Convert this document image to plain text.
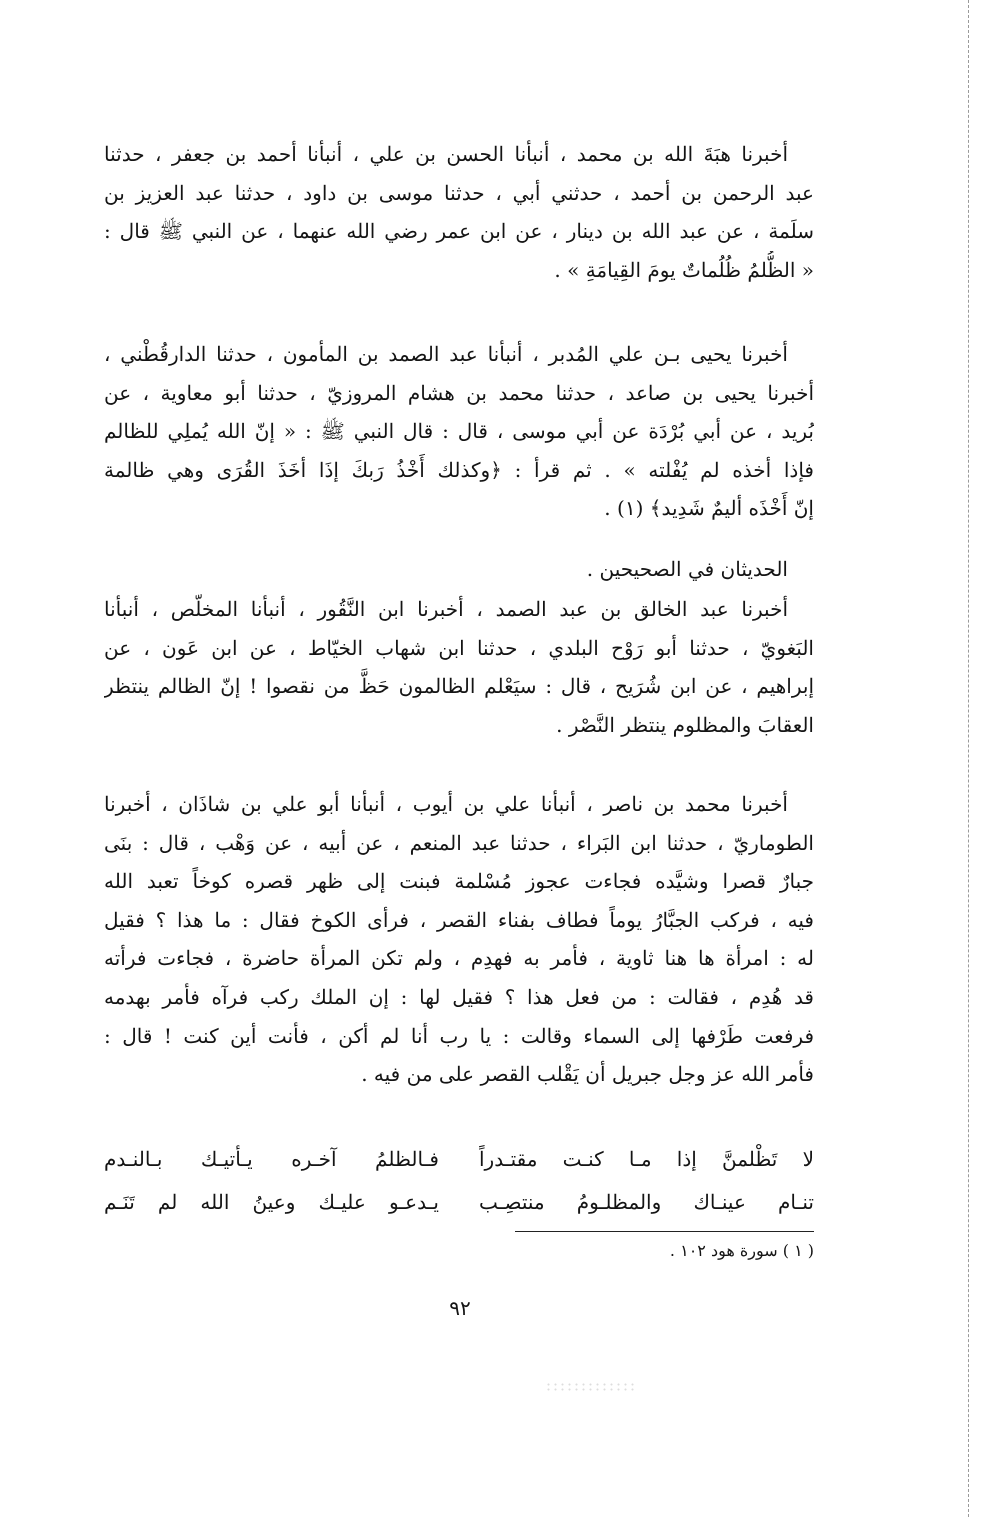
أخبرنا هبَةَ الله بن محمد ، أنبأنا الحسن بن علي ، أنبأنا أحمد بن جعفر ، حدثنا
عبد الرحمن بن أحمد ، حدثني أبي ، حدثنا موسى بن داود ، حدثنا عبد العزيز بن
سلَمة ، عن عبد الله بن دينار ، عن ابن عمر رضي الله عنهما ، عن النبي ﷺ قال :
« الظُّلمُ ظُلُماتٌ يومَ القِيامَةِ » .
أخبرنا يحيى بـن علي المُدبر ، أنبأنا عبد الصمد بن المأمون ، حدثنا الدارقُطْني ،
أخبرنا يحيى بن صاعد ، حدثنا محمد بن هشام المروزيّ ، حدثنا أبو معاوية ، عن
بُريد ، عن أبي بُرْدَة عن أبي موسى ، قال : قال النبي ﷺ : « إنّ الله يُملِي للظالم
فإذا أخذه لم يُفْلته » . ثم قرأ : ﴿وكذلك أَخْذُ رَبكَ إذَا أخَذَ القُرَى وهي ظالمة
إنّ أَخْذَه أليمٌ شَدِيد﴾ (١) .
الحديثان في الصحيحين .
أخبرنا عبد الخالق بن عبد الصمد ، أخبرنا ابن النَّقُور ، أنبأنا المخلّص ، أنبأنا
البَغويّ ، حدثنا أبو رَوْح البلدي ، حدثنا ابن شهاب الخيّاط ، عن ابن عَون ، عن
إبراهيم ، عن ابن شُرَيح ، قال : سيَعْلم الظالمون حَظَّ من نقصوا ! إنّ الظالم ينتظر
العقابَ والمظلوم ينتظر النَّصْر .
أخبرنا محمد بن ناصر ، أنبأنا علي بن أيوب ، أنبأنا أبو علي بن شاذَان ، أخبرنا
الطوماريّ ، حدثنا ابن البَراء ، حدثنا عبد المنعم ، عن أبيه ، عن وَهْب ، قال : بنَى
جبارٌ قصرا وشيَّده فجاءت عجوز مُسْلمة فبنت إلى ظهر قصره كوخاً تعبد الله
فيه ، فركب الجبَّارُ يوماً فطاف بفناء القصر ، فرأى الكوخ فقال : ما هذا ؟ فقيل
له : امرأة ها هنا ثاوية ، فأمر به فهدِم ، ولم تكن المرأة حاضرة ، فجاءت فرأته
قد هُدِم ، فقالت : من فعل هذا ؟ فقيل لها : إن الملك ركب فرآه فأمر بهدمه
فرفعت طَرْفها إلى السماء وقالت : يا رب أنا لم أكن ، فأنت أين كنت ! قال :
فأمر الله عز وجل جبريل أن يَقْلب القصر على من فيه .
لا تَظْلمنَّ إذا مـا كنـت مقتـدراً
فـالظلمُ آخـره يـأتيـك بـالنـدم
تنـام عينـاك والمظلـومُ منتصِـب
يـدعـو عليـك وعينُ الله لم تَنَـم
( ١ ) سورة هود ١٠٢ .
٩٢
